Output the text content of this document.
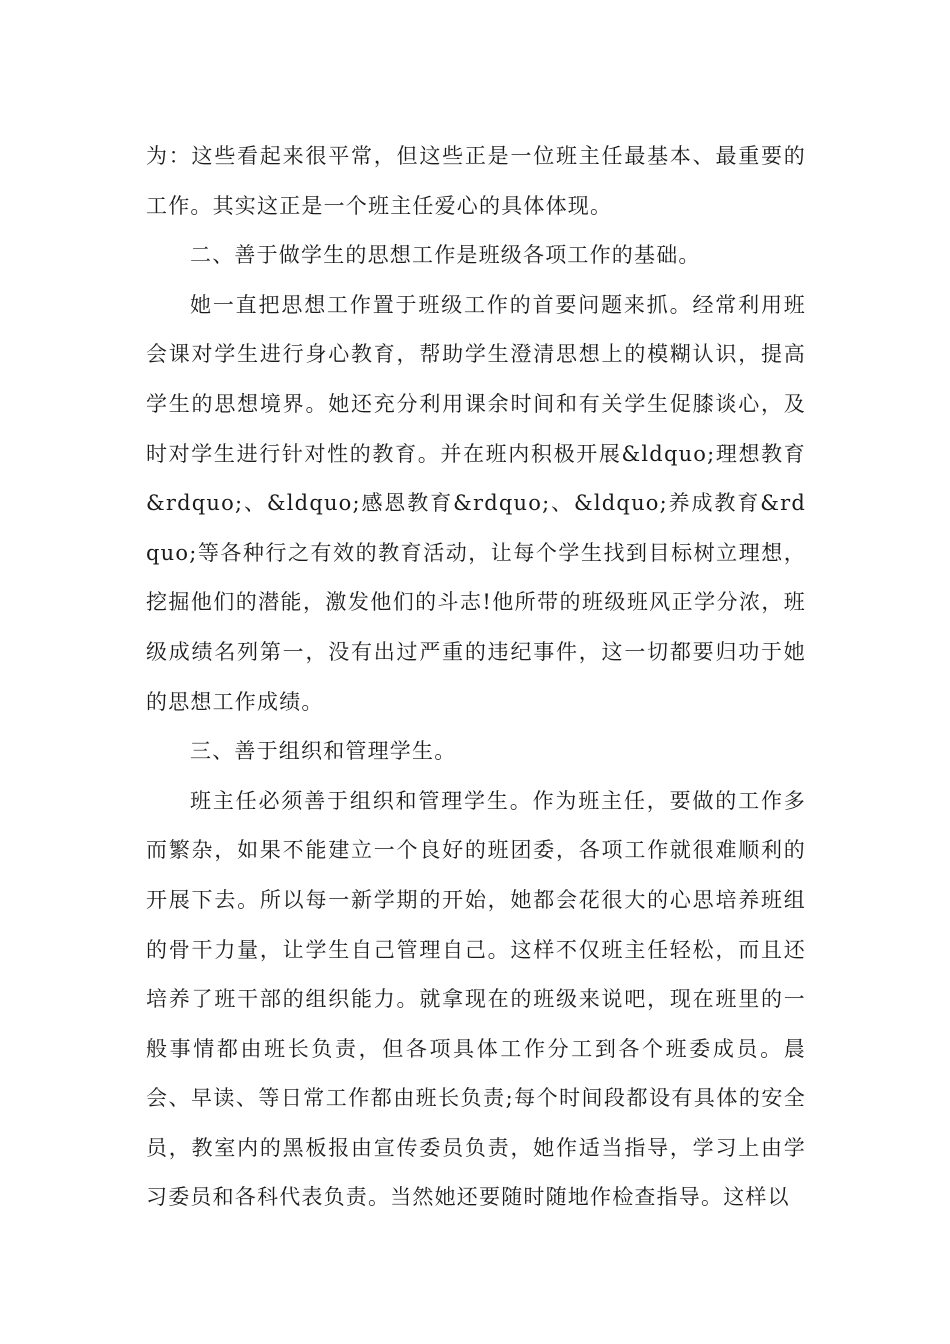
为：这些看起来很平常，但这些正是一位班主任最基本、最重要的工作。其实这正是一个班主任爱心的具体体现。

二、善于做学生的思想工作是班级各项工作的基础。

她一直把思想工作置于班级工作的首要问题来抓。经常利用班会课对学生进行身心教育，帮助学生澄清思想上的模糊认识，提高学生的思想境界。她还充分利用课余时间和有关学生促膝谈心，及时对学生进行针对性的教育。并在班内积极开展&ldquo;理想教育&rdquo;、&ldquo;感恩教育&rdquo;、&ldquo;养成教育&rdquo;等各种行之有效的教育活动，让每个学生找到目标树立理想，挖掘他们的潜能，激发他们的斗志!他所带的班级班风正学分浓，班级成绩名列第一，没有出过严重的违纪事件，这一切都要归功于她的思想工作成绩。

三、善于组织和管理学生。

班主任必须善于组织和管理学生。作为班主任，要做的工作多而繁杂，如果不能建立一个良好的班团委，各项工作就很难顺利的开展下去。所以每一新学期的开始，她都会花很大的心思培养班组的骨干力量，让学生自己管理自己。这样不仅班主任轻松，而且还培养了班干部的组织能力。就拿现在的班级来说吧，现在班里的一般事情都由班长负责，但各项具体工作分工到各个班委成员。晨会、早读、等日常工作都由班长负责;每个时间段都设有具体的安全员，教室内的黑板报由宣传委员负责，她作适当指导，学习上由学习委员和各科代表负责。当然她还要随时随地作检查指导。这样以
